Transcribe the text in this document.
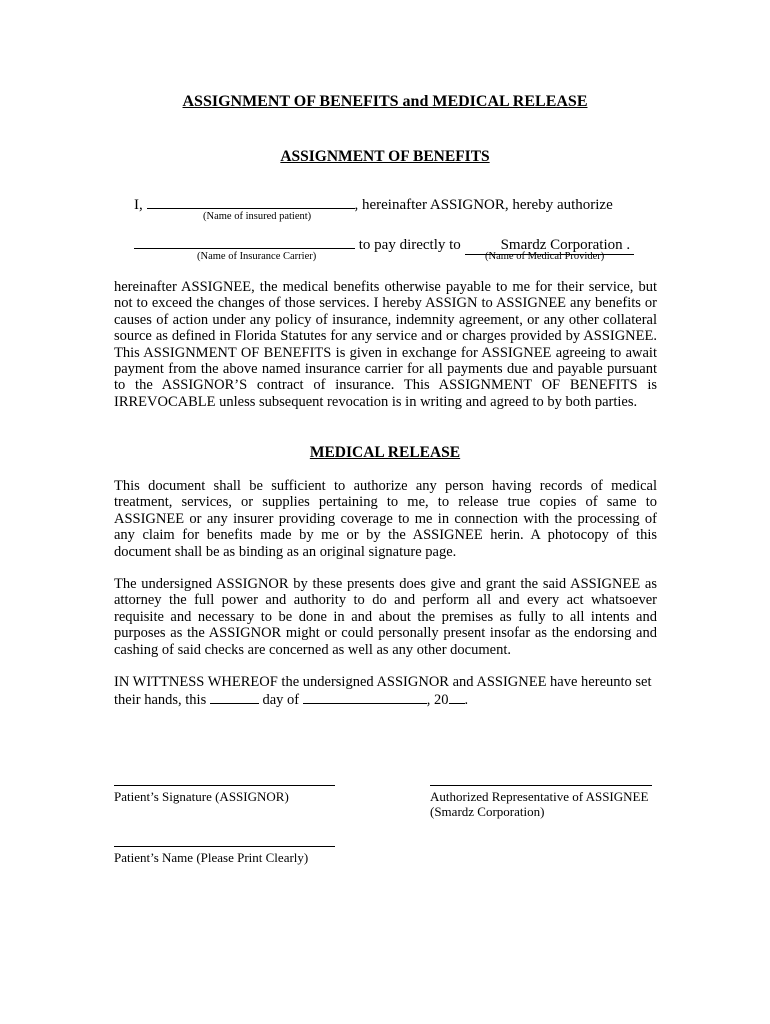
ASSIGNMENT OF BENEFITS and MEDICAL RELEASE
ASSIGNMENT OF BENEFITS
I,	, hereinafter ASSIGNOR, hereby authorize
(Name of insured patient)
to pay directly to	Smardz Corporation .
(Name of Insurance Carrier)	(Name of Medical Provider)
hereinafter ASSIGNEE, the medical benefits otherwise payable to me for their service, but not to exceed the changes of those services. I hereby ASSIGN to ASSIGNEE any benefits or causes of action under any policy of insurance, indemnity agreement, or any other collateral source as defined in Florida Statutes for any service and or charges provided by ASSIGNEE. This ASSIGNMENT OF BENEFITS is given in exchange for ASSIGNEE agreeing to await payment from the above named insurance carrier for all payments due and payable pursuant to the ASSIGNOR’S contract of insurance. This ASSIGNMENT OF BENEFITS is IRREVOCABLE unless subsequent revocation is in writing and agreed to by both parties.
MEDICAL RELEASE
This document shall be sufficient to authorize any person having records of medical treatment, services, or supplies pertaining to me, to release true copies of same to ASSIGNEE or any insurer providing coverage to me in connection with the processing of any claim for benefits made by me or by the ASSIGNEE herin. A photocopy of this document shall be as binding as an original signature page.
The undersigned ASSIGNOR by these presents does give and grant the said ASSIGNEE as attorney the full power and authority to do and perform all and every act whatsoever requisite and necessary to be done in and about the premises as fully to all intents and purposes as the ASSIGNOR might or could personally present insofar as the endorsing and cashing of said checks are concerned as well as any other document.
IN WITTNESS WHEREOF the undersigned ASSIGNOR and ASSIGNEE have hereunto set
their hands, this	day of	, 20 .
Patient’s Signature (ASSIGNOR)	Authorized Representative of ASSIGNEE
(Smardz Corporation)
Patient’s Name (Please Print Clearly)
